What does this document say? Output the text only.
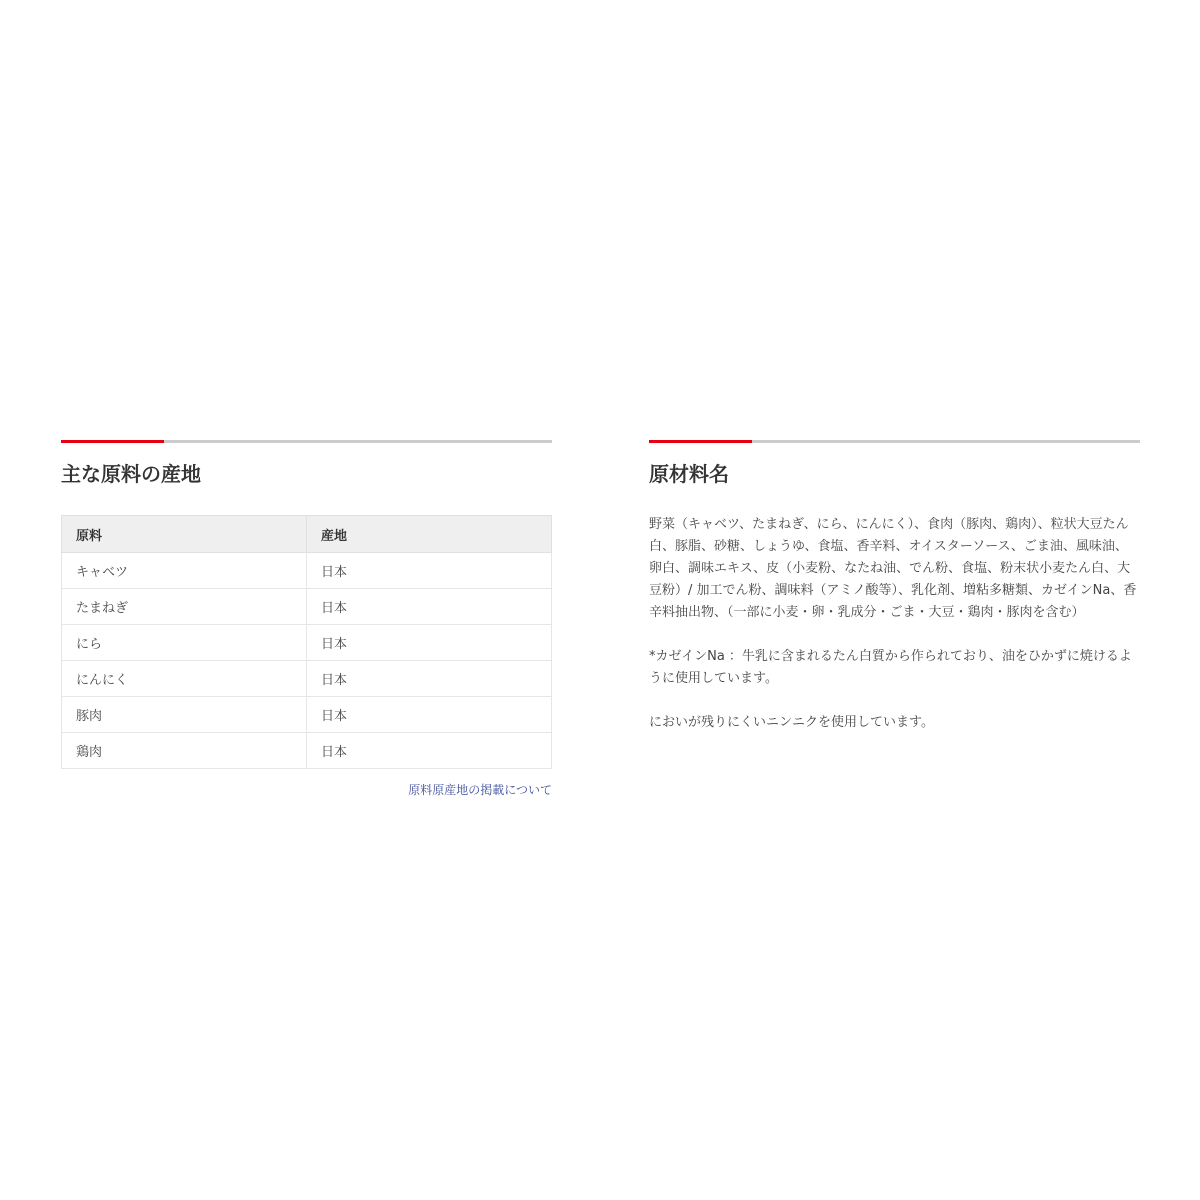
主な原料の産地
原料	産地
キャベツ	日本
たまねぎ	日本
にら	日本
にんにく	日本
豚肉	日本
鶏肉	日本
原料原産地の掲載について
原材料名

野菜（キャベツ、たまねぎ、にら、にんにく）、食肉（豚肉、鶏肉）、粒状大豆たん白、豚脂、砂糖、しょうゆ、食塩、香辛料、オイスターソース、ごま油、風味油、卵白、調味エキス、皮（小麦粉、なたね油、でん粉、食塩、粉末状小麦たん白、大豆粉）/ 加工でん粉、調味料（アミノ酸等）、乳化剤、増粘多糖類、カゼインNa、香辛料抽出物、（一部に小麦・卵・乳成分・ごま・大豆・鶏肉・豚肉を含む）

*カゼインNa ：牛乳に含まれるたん白質から作られており、油をひかずに焼けるように使用しています。

においが残りにくいニンニクを使用しています。
